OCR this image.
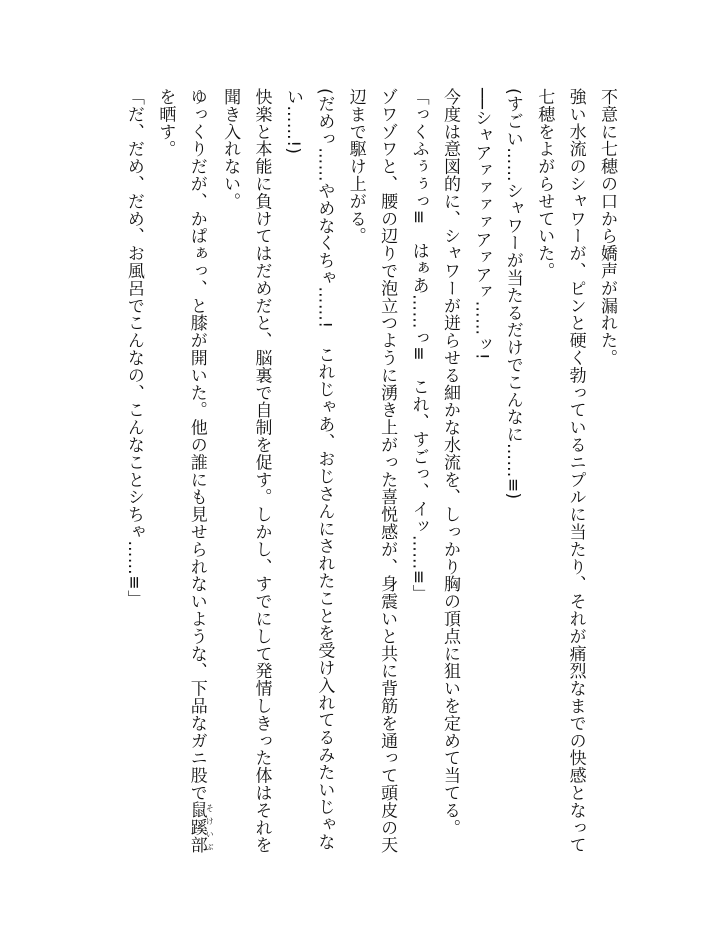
不意に七穂の口から嬌声が漏れた。

強い水流のシャワーが、ピンと硬く勃っているニプルに当たり、それが痛烈なまでの快感となって七穂をよがらせていた。

(すごい……シャワーが当たるだけでこんなに……≡)

──シャアァァァァアァアァ……ッ!

今度は意図的に、シャワーが迸らせる細かな水流を、しっかり胸の頂点に狙いを定めて当てる。

「っくふぅぅっ≡　はぁあ……っ≡　これ、すごっ、イッ……≡」

ゾワゾワと、腰の辺りで泡立つように湧き上がった喜悦感が、身震いと共に背筋を通って頭皮の天辺まで駆け上がる。

(だめっ……やめなくちゃ……!　これじゃあ、おじさんにされたことを受け入れてるみたいじゃない……!)

快楽と本能に負けてはだめだと、脳裏で自制を促す。しかし、すでにして発情しきった体はそれを聞き入れない。

ゆっくりだが、かぱぁっ、と膝が開いた。他の誰にも見せられないような、下品なガニ股で鼠蹊部そけいぶを晒す。

「だ、だめ、だめ、お風呂でこんなの、こんなことシちゃ……≡」
